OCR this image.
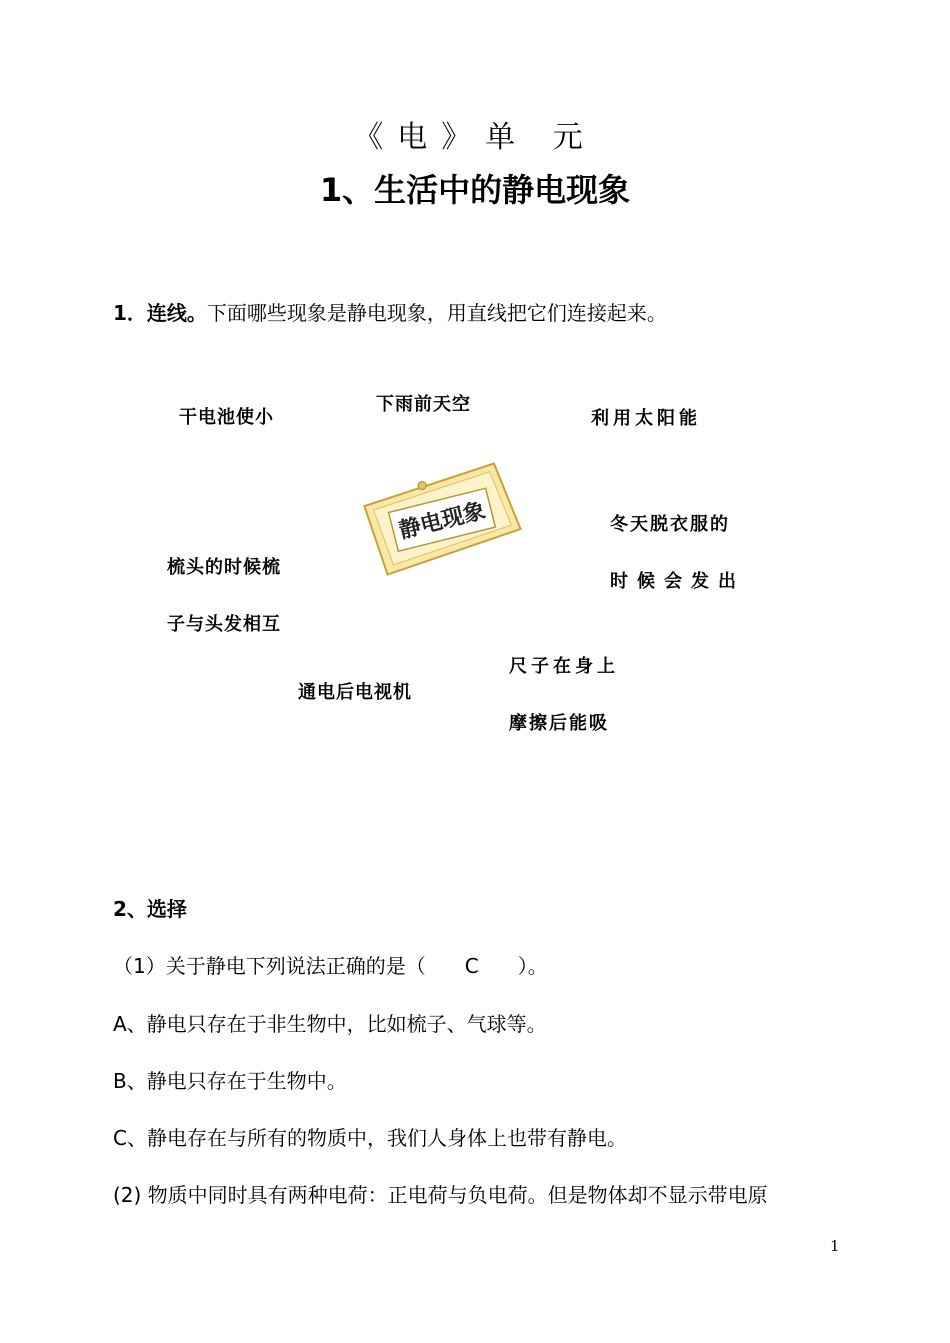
《电》单 元
1、生活中的静电现象
1．连线。下面哪些现象是静电现象，用直线把它们连接起来。
干电池使小
下雨前天空
利用太阳能
冬天脱衣服的
时候会发出
梳头的时候梳
子与头发相互
尺子在身上
摩擦后能吸
通电后电视机
静电现象
2、选择
（1）关于静电下列说法正确的是（ C ）。
A、静电只存在于非生物中，比如梳子、气球等。
B、静电只存在于生物中。
C、静电存在与所有的物质中，我们人身体上也带有静电。
(2) 物质中同时具有两种电荷：正电荷与负电荷。但是物体却不显示带电原
1
